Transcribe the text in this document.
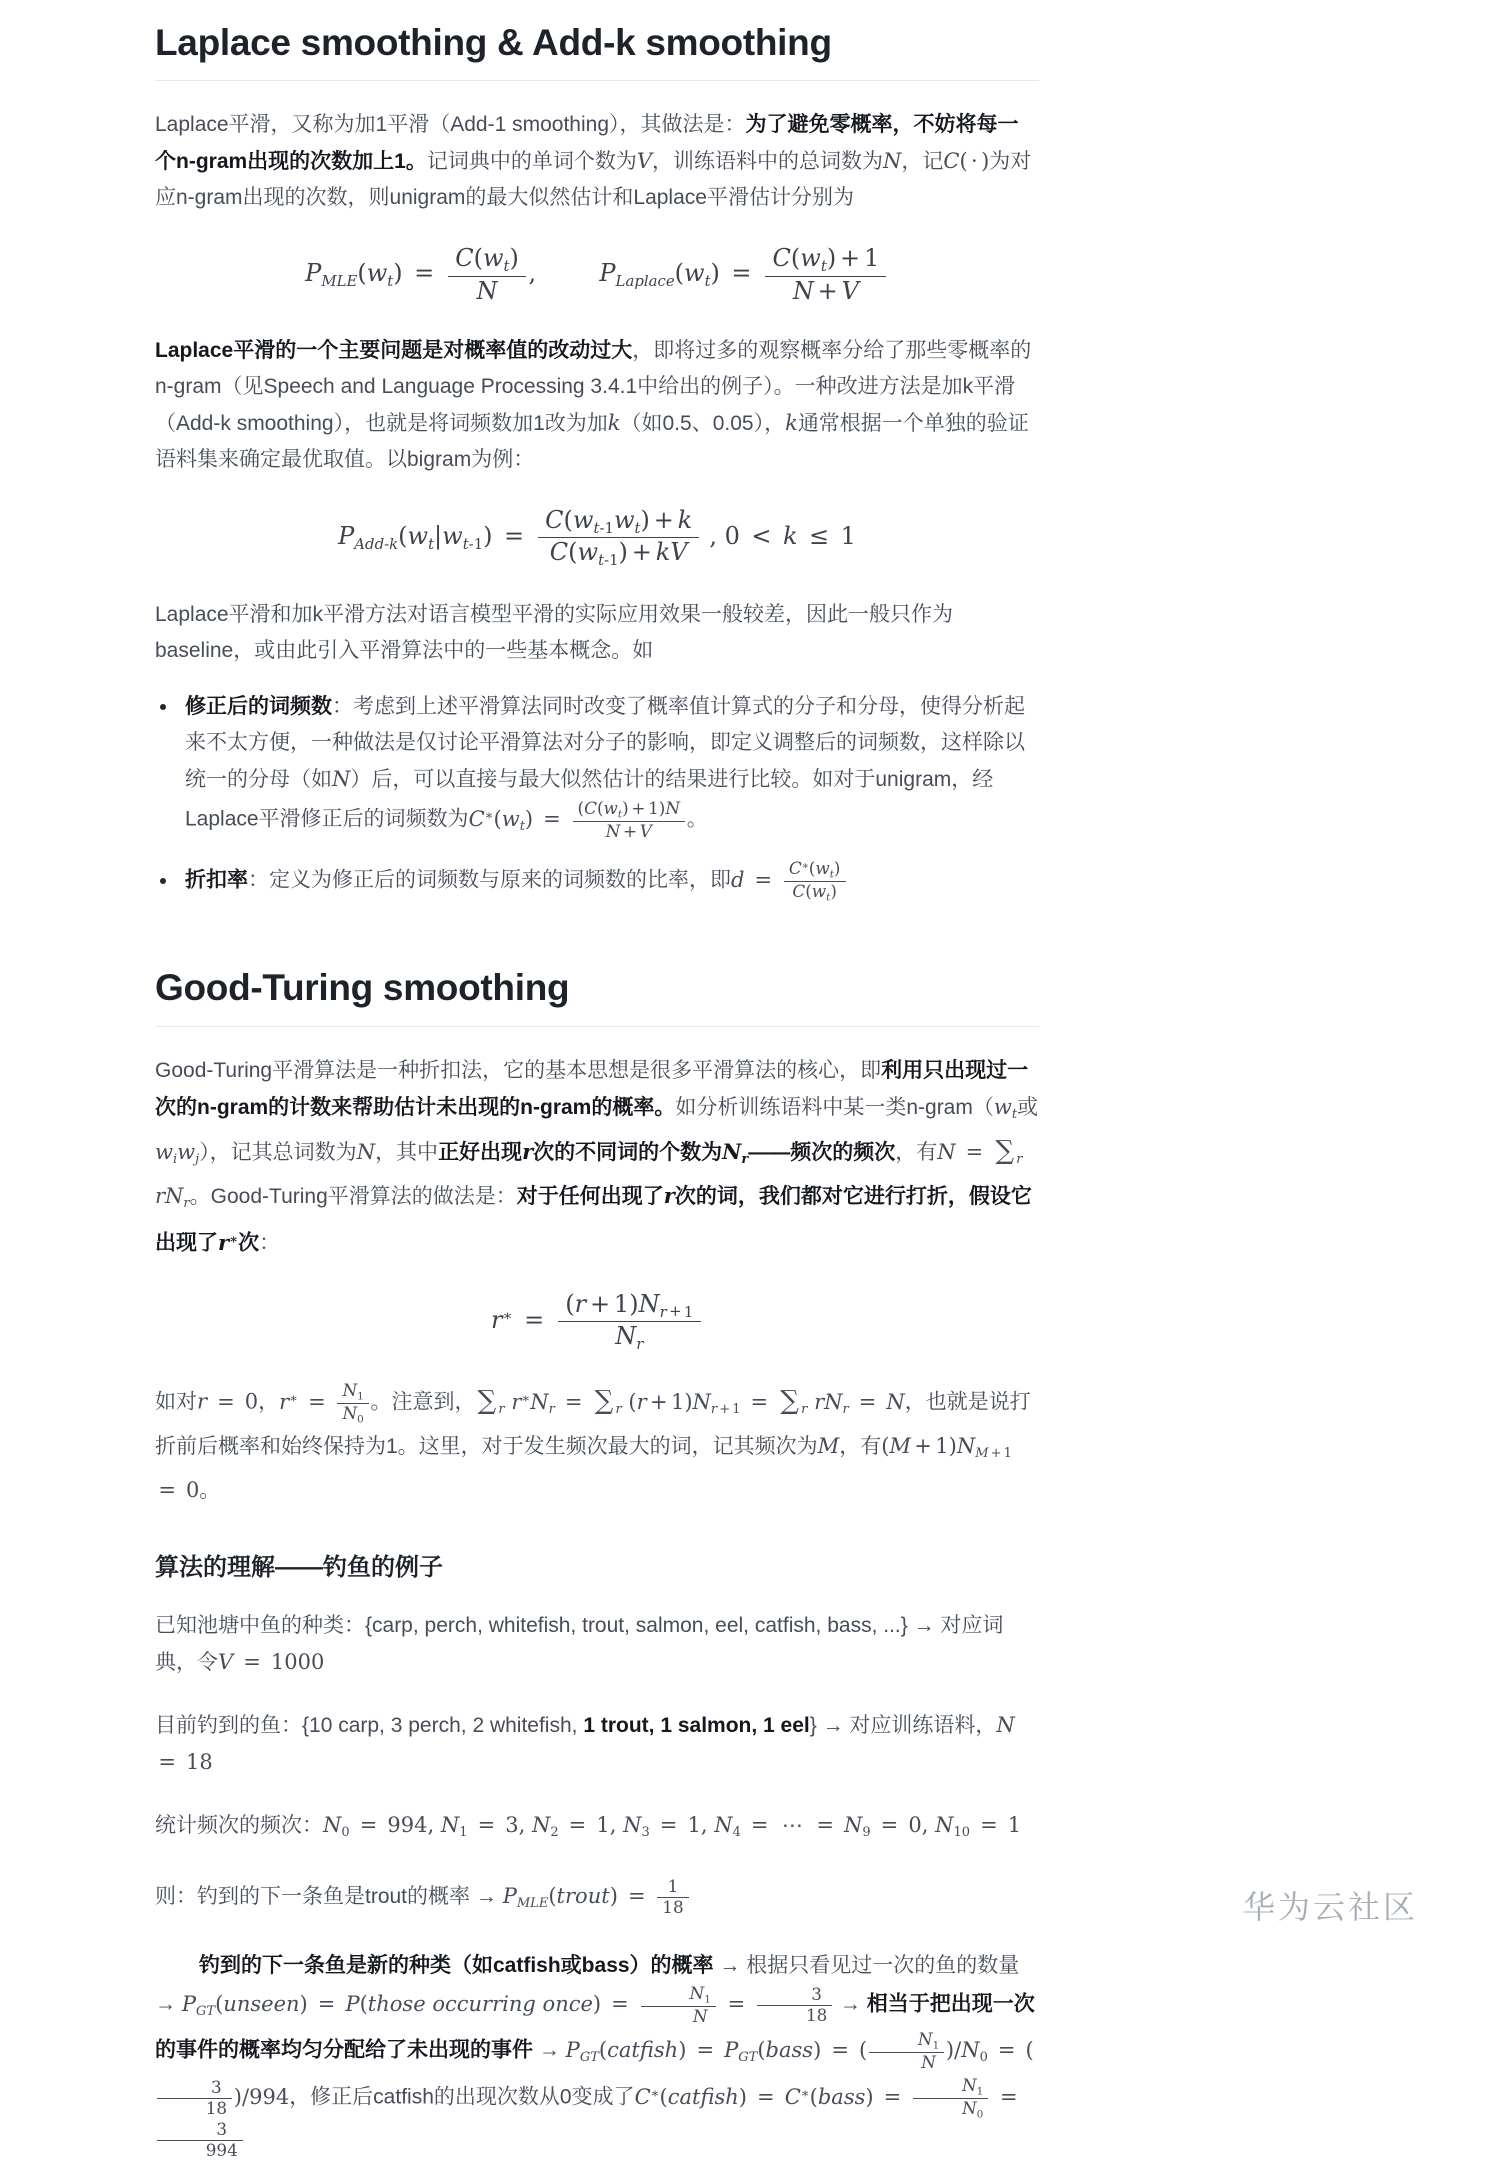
Laplace smoothing & Add-k smoothing

Laplace平滑，又称为加1平滑（Add-1 smoothing），其做法是：为了避免零概率，不妨将每一个n-gram出现的次数加上1。记词典中的单词个数为V，训练语料中的总词数为N，记C( · )为对应n-gram出现的次数，则unigram的最大似然估计和Laplace平滑估计分别为

PMLE(wt) = $\frac{C(wt)}{N}$ ,  	PLaplace(wt) = $\frac{C(wt) + 1}{N + V}$

Laplace平滑的一个主要问题是对概率值的改动过大，即将过多的观察概率分给了那些零概率的n-gram（见Speech and Language Processing 3.4.1中给出的例子）。一种改进方法是加k平滑（Add-k smoothing），也就是将词频数加1改为加k（如0.5、0.05），k通常根据一个单独的验证语料集来确定最优取值。以bigram为例：

PAdd-k(wt|wt-1) = $\frac{C(wt-1wt) + k}{C(wt-1) + kV}$ , 0 < k ≤ 1

Laplace平滑和加k平滑方法对语言模型平滑的实际应用效果一般较差，因此一般只作为baseline，或由此引入平滑算法中的一些基本概念。如

• 修正后的词频数：考虑到上述平滑算法同时改变了概率值计算式的分子和分母，使得分析起来不太方便，一种做法是仅讨论平滑算法对分子的影响，即定义调整后的词频数，这样除以统一的分母（如N）后，可以直接与最大似然估计的结果进行比较。如对于unigram，经Laplace平滑修正后的词频数为$C^∗(wt) = \frac{(C(wt) + 1)N}{N + V}$ 。
• 折扣率：定义为修正后的词频数与原来的词频数的比率，即$d = \frac{C^∗(wt)}{C(wt)}$
Good-Turing smoothing

Good-Turing平滑算法是一种折扣法，它的基本思想是很多平滑算法的核心，即利用只出现过一次的n-gram的计数来帮助估计未出现的n-gram的概率。如分析训练语料中某一类n-gram（wt或wiwj），记其总词数为N，其中正好出现r次的不同词的个数为Nr——频次的频次，有N = ∑ r rNr。Good-Turing平滑算法的做法是：对于任何出现了r次的词，我们都对它进行打折，假设它出现了r∗次：

$r^∗ = \frac{(r + 1)Nr + 1}{Nr}$

如对r = 0，$r^∗ = \frac{N1}{N0}$ 。注意到，∑ r r∗Nr = ∑ r (r + 1)Nr + 1 = ∑ r rNr = N，也就是说打折前后概率和始终保持为1。这里，对于发生频次最大的词，记其频次为M，有(M + 1)NM + 1 = 0。

算法的理解——钓鱼的例子

已知池塘中鱼的种类：{carp, perch, whitefish, trout, salmon, eel, catfish, bass, ...} → 对应词典，令V = 1000

目前钓到的鱼：{10 carp, 3 perch, 2 whitefish, 1 trout, 1 salmon, 1 eel} → 对应训练语料，N = 18

统计频次的频次：N0 = 994, N1 = 3, N2 = 1, N3 = 1, N4 = ⋯ = N9 = 0, N10 = 1

则：钓到的下一条鱼是trout的概率 → PMLE(trout) = $\frac{1}{18}$

钓到的下一条鱼是新的种类（如catfish或bass）的概率 → 根据只看见过一次的鱼的数量 → PGT(unseen) = P(those occurring once) = $\frac{N1}{N} = \frac{3}{18}$ → 相当于把出现一次的事件的概率均匀分配给了未出现的事件 → PGT(catfsh) = PGT(bass) = ( $\frac{N1}{N} )/N0$ = (
$\frac{3}{18} )/994$，修正后catfish的出现次数从0变成了C∗(catfsh) = C∗(bass) = $\frac{N1}{N0}$ =
$\frac{3}{994}$

华为云社区
